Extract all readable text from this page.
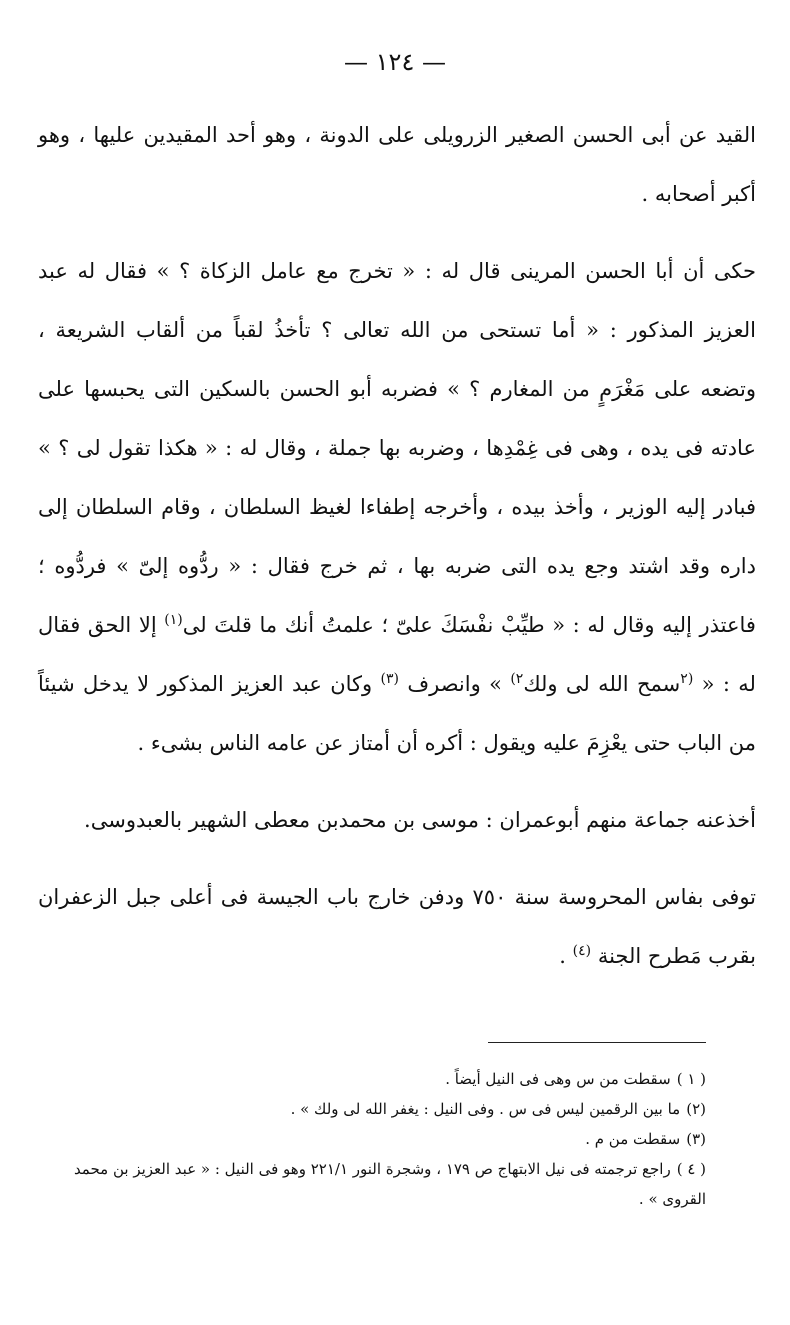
— ١٢٤ —

القيد عن أبى الحسن الصغير الزرويلى على الدونة ، وهو أحد المقيدين عليها ، وهو أكبر أصحابه .

حكى أن أبا الحسن المرينى قال له : « تخرج مع عامل الزكاة ؟ » فقال له عبد العزيز المذكور : « أما تستحى من الله تعالى ؟ تأخذُ لقباً من ألقاب الشريعة ، وتضعه على مَغْرَمٍ من المغارم ؟ » فضربه أبو الحسن بالسكين التى يحبسها على عادته فى يده ، وهى فى غِمْدِها ، وضربه بها جملة ، وقال له : « هكذا تقول لى ؟ » فبادر إليه الوزير ، وأخذ بيده ، وأخرجه إطفاءا لغيظ السلطان ، وقام السلطان إلى داره وقد اشتد وجع يده التى ضربه بها ، ثم خرج فقال : « ردُّوه إلىّ » فردُّوه ؛ فاعتذر إليه وقال له : « طيِّبْ نفْسَكَ علىّ ؛ علمتُ أنك ما قلتَ لى$^{(١)}$ إلا الحق فقال له : « $^{(٢}$سمح الله لى ولك$^{٢)}$ » وانصرف $^{(٣)}$ وكان عبد العزيز المذكور لا يدخل شيئاً من الباب حتى يعْزِمَ عليه ويقول : أكره أن أمتاز عن عامه الناس بشىء .

أخذعنه جماعة منهم أبوعمران : موسى بن محمدبن معطى الشهير بالعبدوسى.

توفى بفاس المحروسة سنة ٧٥٠ ودفن خارج باب الجيسة فى أعلى جبل الزعفران بقرب مَطرح الجنة $^{(٤)}$ .

( ١ )سقطت من س وهى فى النيل أيضاً .

(٢)ما بين الرقمين ليس فى س . وفى النيل : يغفر الله لى ولك » .

(٣)سقطت من م .

( ٤ )راجع ترجمته فى نيل الابتهاج ص ١٧٩ ، وشجرة النور ٢٢١/١ وهو فى النيل : « عبد العزيز بن محمد القروى » .
